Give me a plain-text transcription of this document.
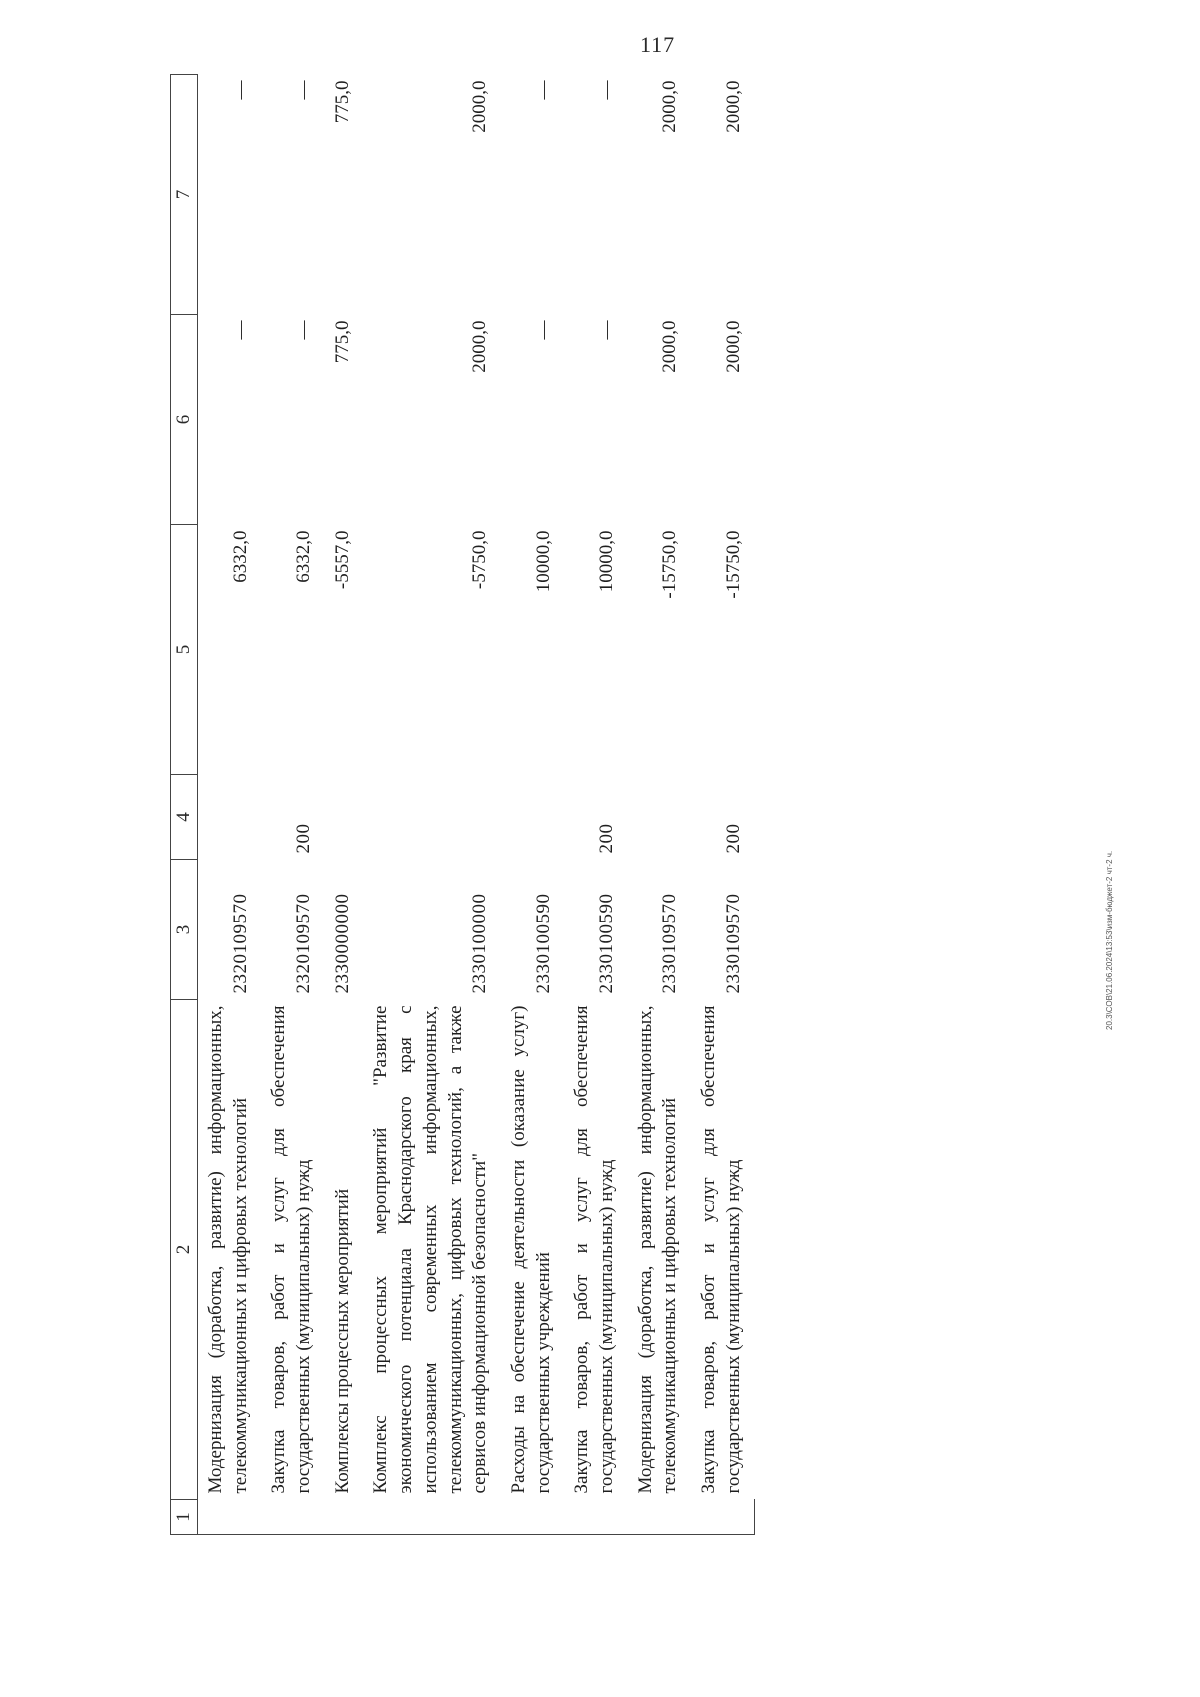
117
20.3\СОВ\21.06.2024\13:53\изм-бюджет-2 чт-2 ч.
1	2	3	4	5	6	7
	Модернизация (доработка, развитие) информационных, телекоммуникационных и цифровых технологий	2320109570		6332,0	—	—
	Закупка товаров, работ и услуг для обеспечения государственных (муниципальных) нужд	2320109570	200	6332,0	—	—
	Комплексы процессных мероприятий	2330000000		-5557,0	775,0	775,0
	Комплекс процессных мероприятий "Развитие экономического потенциала Краснодарского края с использованием современных информационных, телекоммуникационных, цифровых технологий, а также сервисов информационной безопасности"	2330100000		-5750,0	2000,0	2000,0
	Расходы на обеспечение деятельности (оказание услуг) государственных учреждений	2330100590		10000,0	—	—
	Закупка товаров, работ и услуг для обеспечения государственных (муниципальных) нужд	2330100590	200	10000,0	—	—
	Модернизация (доработка, развитие) информационных, телекоммуникационных и цифровых технологий	2330109570		-15750,0	2000,0	2000,0
	Закупка товаров, работ и услуг для обеспечения государственных (муниципальных) нужд	2330109570	200	-15750,0	2000,0	2000,0
